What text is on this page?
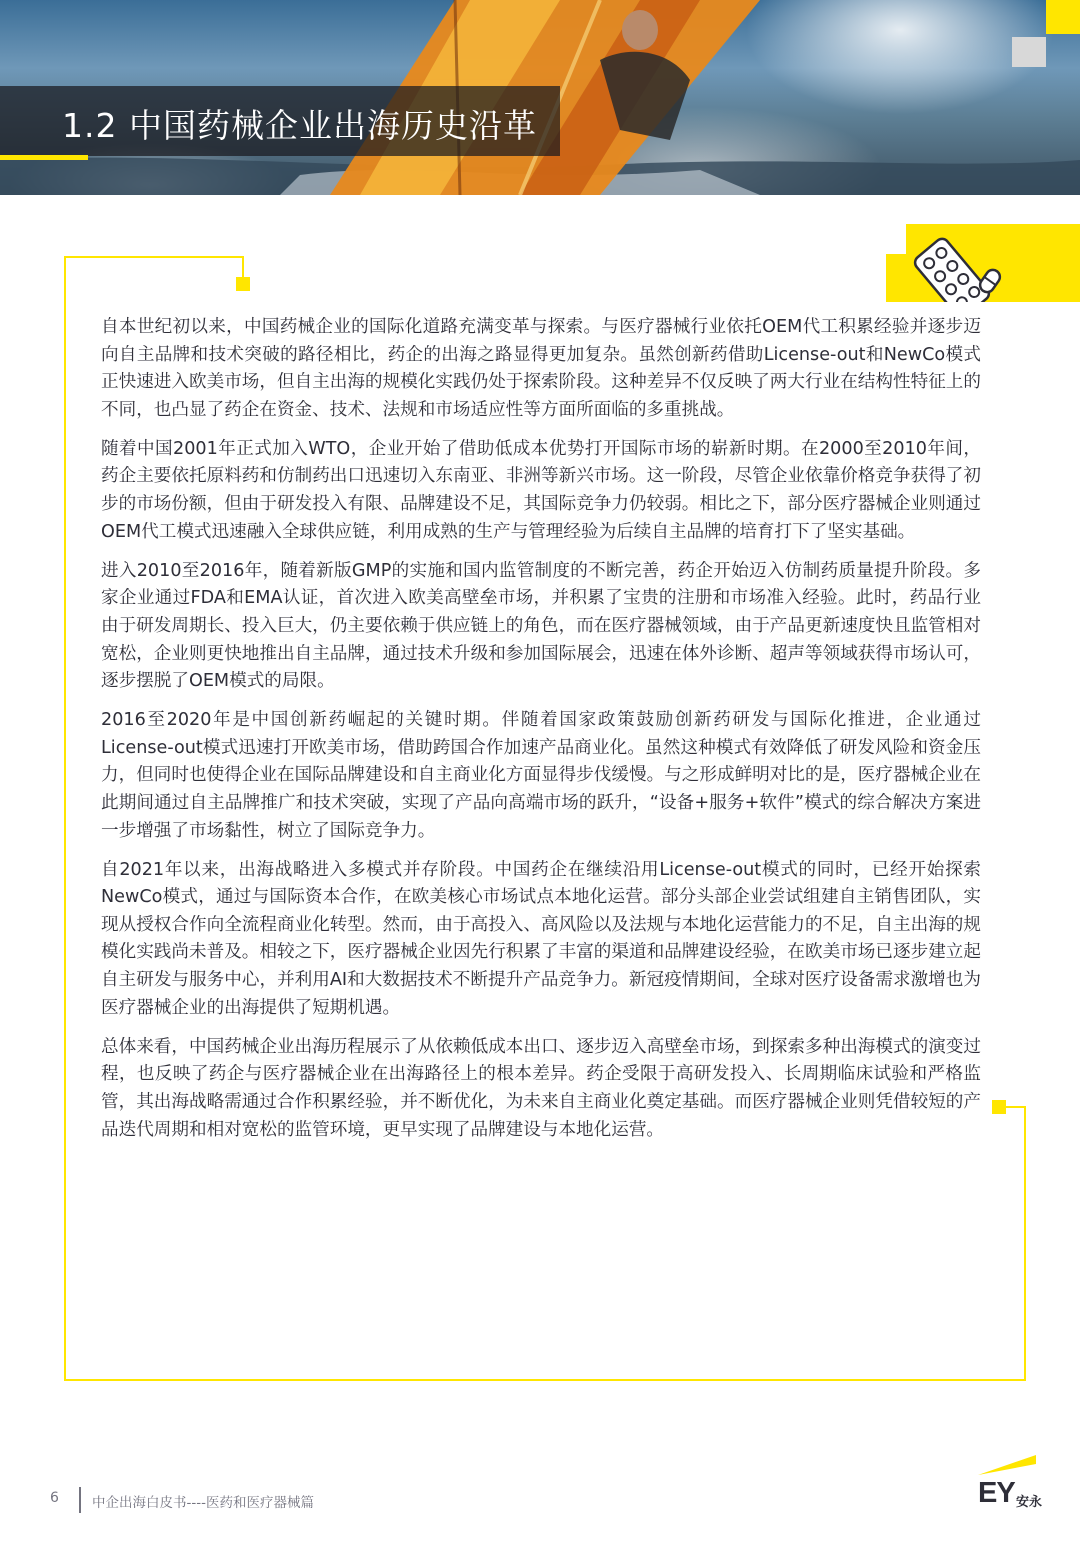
1.2 中国药械企业出海历史沿革

自本世纪初以来，中国药械企业的国际化道路充满变革与探索。与医疗器械行业依托OEM代工积累经验并逐步迈向自主品牌和技术突破的路径相比，药企的出海之路显得更加复杂。虽然创新药借助License-out和NewCo模式正快速进入欧美市场，但自主出海的规模化实践仍处于探索阶段。这种差异不仅反映了两大行业在结构性特征上的不同，也凸显了药企在资金、技术、法规和市场适应性等方面所面临的多重挑战。

随着中国2001年正式加入WTO，企业开始了借助低成本优势打开国际市场的崭新时期。在2000至2010年间，药企主要依托原料药和仿制药出口迅速切入东南亚、非洲等新兴市场。这一阶段，尽管企业依靠价格竞争获得了初步的市场份额，但由于研发投入有限、品牌建设不足，其国际竞争力仍较弱。相比之下，部分医疗器械企业则通过OEM代工模式迅速融入全球供应链，利用成熟的生产与管理经验为后续自主品牌的培育打下了坚实基础。

进入2010至2016年，随着新版GMP的实施和国内监管制度的不断完善，药企开始迈入仿制药质量提升阶段。多家企业通过FDA和EMA认证，首次进入欧美高壁垒市场，并积累了宝贵的注册和市场准入经验。此时，药品行业由于研发周期长、投入巨大，仍主要依赖于供应链上的角色，而在医疗器械领域，由于产品更新速度快且监管相对宽松，企业则更快地推出自主品牌，通过技术升级和参加国际展会，迅速在体外诊断、超声等领域获得市场认可，逐步摆脱了OEM模式的局限。

2016至2020年是中国创新药崛起的关键时期。伴随着国家政策鼓励创新药研发与国际化推进，企业通过License-out模式迅速打开欧美市场，借助跨国合作加速产品商业化。虽然这种模式有效降低了研发风险和资金压力，但同时也使得企业在国际品牌建设和自主商业化方面显得步伐缓慢。与之形成鲜明对比的是，医疗器械企业在此期间通过自主品牌推广和技术突破，实现了产品向高端市场的跃升，“设备+服务+软件”模式的综合解决方案进一步增强了市场黏性，树立了国际竞争力。

自2021年以来，出海战略进入多模式并存阶段。中国药企在继续沿用License-out模式的同时，已经开始探索NewCo模式，通过与国际资本合作，在欧美核心市场试点本地化运营。部分头部企业尝试组建自主销售团队，实现从授权合作向全流程商业化转型。然而，由于高投入、高风险以及法规与本地化运营能力的不足，自主出海的规模化实践尚未普及。相较之下，医疗器械企业因先行积累了丰富的渠道和品牌建设经验，在欧美市场已逐步建立起自主研发与服务中心，并利用AI和大数据技术不断提升产品竞争力。新冠疫情期间，全球对医疗设备需求激增也为医疗器械企业的出海提供了短期机遇。

总体来看，中国药械企业出海历程展示了从依赖低成本出口、逐步迈入高壁垒市场，到探索多种出海模式的演变过程，也反映了药企与医疗器械企业在出海路径上的根本差异。药企受限于高研发投入、长周期临床试验和严格监管，其出海战略需通过合作积累经验，并不断优化，为未来自主商业化奠定基础。而医疗器械企业则凭借较短的产品迭代周期和相对宽松的监管环境，更早实现了品牌建设与本地化运营。

6 中企出海白皮书----医药和医疗器械篇	EY 安永
